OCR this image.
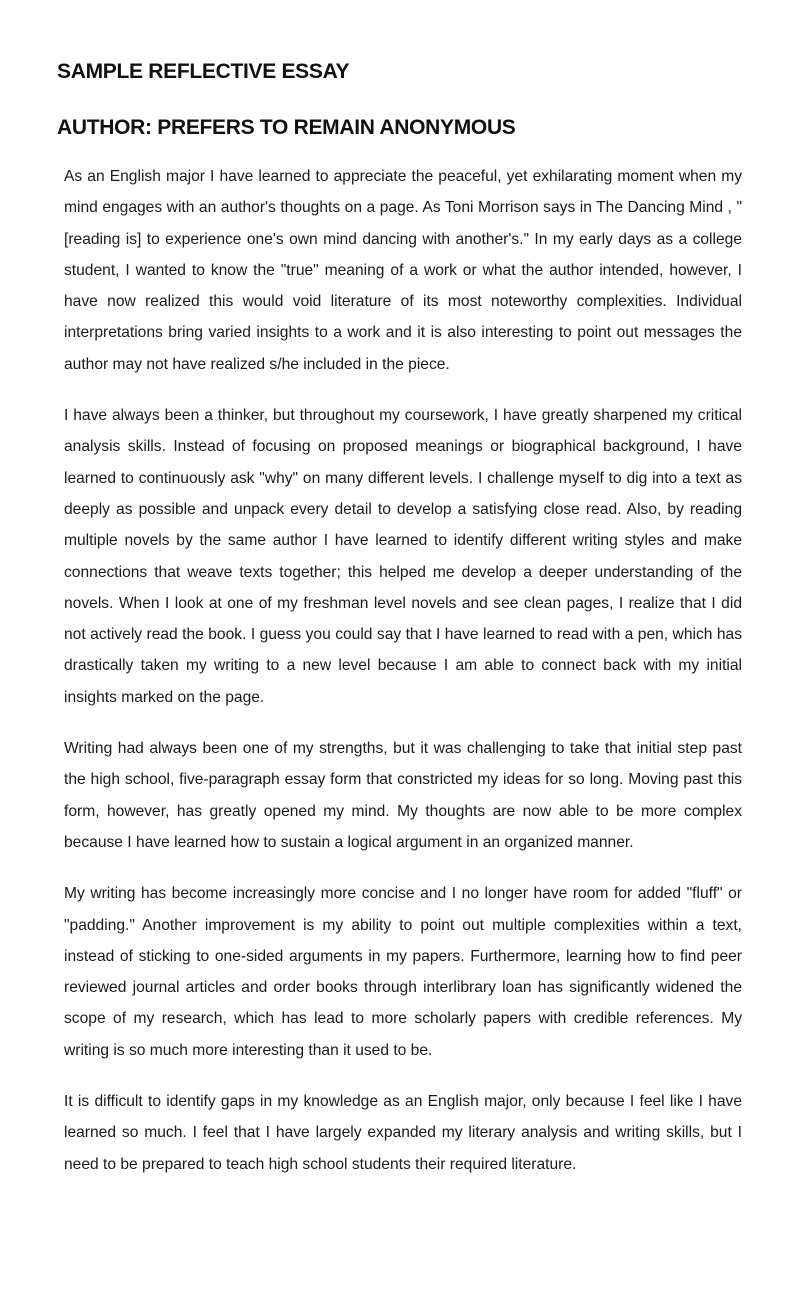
SAMPLE REFLECTIVE ESSAY
AUTHOR: PREFERS TO REMAIN ANONYMOUS

As an English major I have learned to appreciate the peaceful, yet exhilarating moment when my mind engages with an author's thoughts on a page. As Toni Morrison says in The Dancing Mind , "[reading is] to experience one's own mind dancing with another's." In my early days as a college student, I wanted to know the "true" meaning of a work or what the author intended, however, I have now realized this would void literature of its most noteworthy complexities. Individual interpretations bring varied insights to a work and it is also interesting to point out messages the author may not have realized s/he included in the piece.

I have always been a thinker, but throughout my coursework, I have greatly sharpened my critical analysis skills. Instead of focusing on proposed meanings or biographical background, I have learned to continuously ask "why" on many different levels. I challenge myself to dig into a text as deeply as possible and unpack every detail to develop a satisfying close read. Also, by reading multiple novels by the same author I have learned to identify different writing styles and make connections that weave texts together; this helped me develop a deeper understanding of the novels. When I look at one of my freshman level novels and see clean pages, I realize that I did not actively read the book. I guess you could say that I have learned to read with a pen, which has drastically taken my writing to a new level because I am able to connect back with my initial insights marked on the page.

Writing had always been one of my strengths, but it was challenging to take that initial step past the high school, five-paragraph essay form that constricted my ideas for so long. Moving past this form, however, has greatly opened my mind. My thoughts are now able to be more complex because I have learned how to sustain a logical argument in an organized manner.

My writing has become increasingly more concise and I no longer have room for added "fluff" or "padding." Another improvement is my ability to point out multiple complexities within a text, instead of sticking to one-sided arguments in my papers. Furthermore, learning how to find peer reviewed journal articles and order books through interlibrary loan has significantly widened the scope of my research, which has lead to more scholarly papers with credible references. My writing is so much more interesting than it used to be.

It is difficult to identify gaps in my knowledge as an English major, only because I feel like I have learned so much. I feel that I have largely expanded my literary analysis and writing skills, but I need to be prepared to teach high school students their required literature.
